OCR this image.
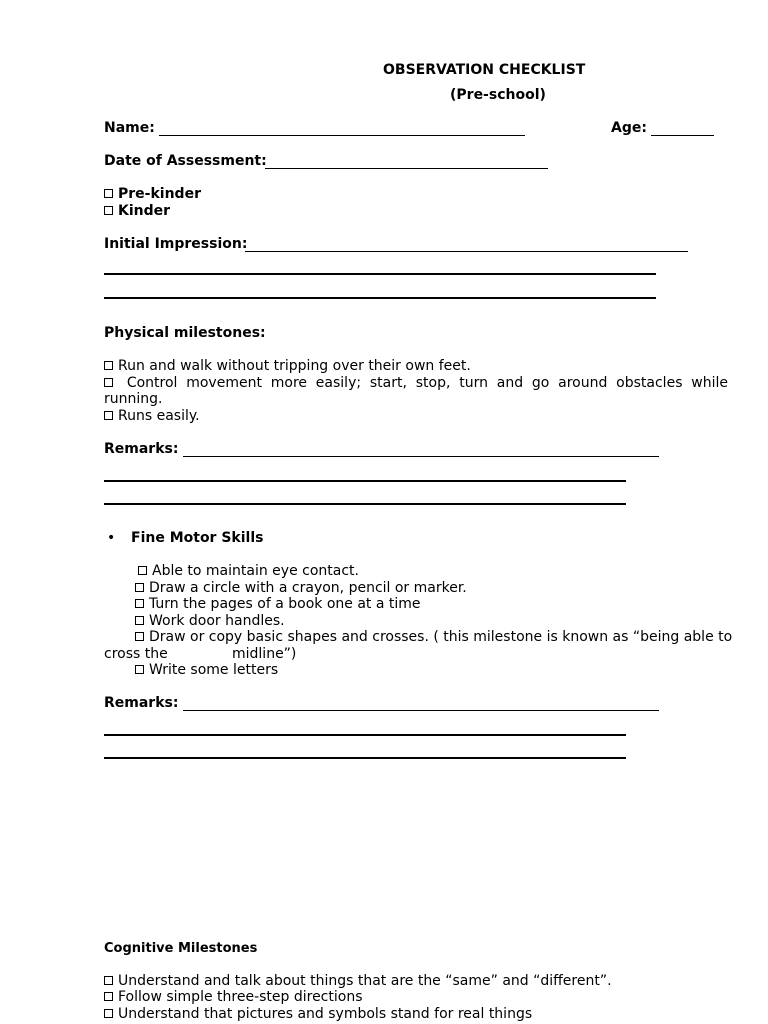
OBSERVATION CHECKLIST
(Pre-school)
Name:	Age:
Date of Assessment:
Pre-kinder
Kinder
Initial Impression:
Physical milestones:
Run and walk without tripping over their own feet.
Control movement more easily; start, stop, turn and go around obstacles while
running.
Runs easily.
Remarks:
• Fine Motor Skills
Able to maintain eye contact.
Draw a circle with a crayon, pencil or marker.
Turn the pages of a book one at a time
Work door handles.
Draw or copy basic shapes and crosses. ( this milestone is known as “being able to
cross the	midline”)
Write some letters
Remarks:
Cognitive Milestones
Understand and talk about things that are the “same” and “different”.
Follow simple three-step directions
Understand that pictures and symbols stand for real things
